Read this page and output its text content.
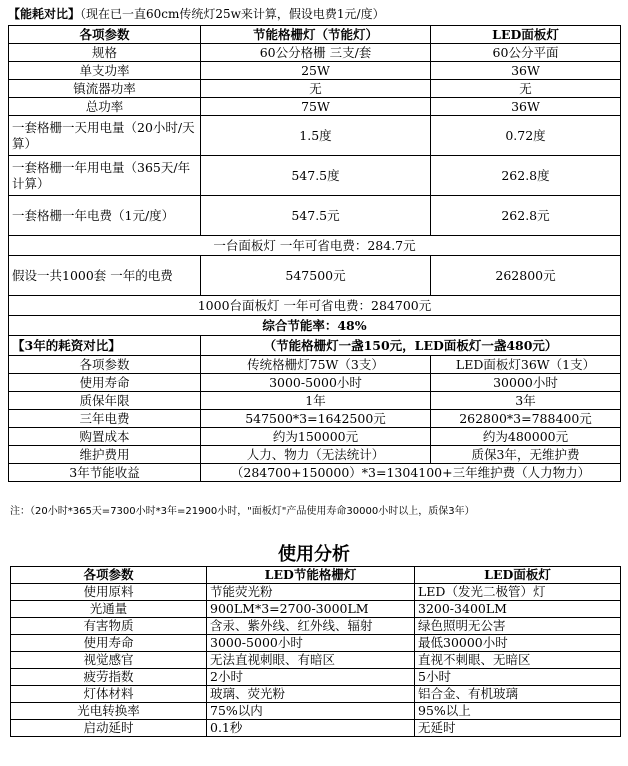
【能耗对比】（现在已一直60cm传统灯25w来计算，假设电费1元/度）
各项参数	节能格栅灯（节能灯）	LED面板灯
规格	60公分格栅 三支/套	60公分平面
单支功率	25W	36W
镇流器功率	无	无
总功率	75W	36W
一套格栅一天用电量（20小时/天算）	1.5度	0.72度
一套格栅一年用电量（365天/年计算）	547.5度	262.8度
一套格栅一年电费（1元/度）	547.5元	262.8元
一台面板灯 一年可省电费：284.7元		
假设一共1000套 一年的电费	547500元	262800元
1000台面板灯 一年可省电费：284700元		
综合节能率：48%		
【3年的耗资对比】	（节能格栅灯一盏150元，LED面板灯一盏480元）	
各项参数	传统格栅灯75W（3支）	LED面板灯36W（1支）
使用寿命	3000-5000小时	30000小时
质保年限	1年	3年
三年电费	547500*3=1642500元	262800*3=788400元
购置成本	约为150000元	约为480000元
维护费用	人力、物力（无法统计）	质保3年，无维护费
3年节能收益	（284700+150000）*3=1304100+三年维护费（人力物力）	
注：（20小时*365天=7300小时*3年=21900小时，"面板灯"产品使用寿命30000小时以上，质保3年）
使用分析
各项参数	LED节能格栅灯	LED面板灯
使用原料	节能荧光粉	LED（发光二极管）灯
光通量	900LM*3=2700-3000LM	3200-3400LM
有害物质	含汞、紫外线、红外线、辐射	绿色照明无公害
使用寿命	3000-5000小时	最低30000小时
视觉感官	无法直视刺眼、有暗区	直视不刺眼、无暗区
疲劳指数	2小时	5小时
灯体材料	玻璃、荧光粉	铝合金、有机玻璃
光电转换率	75%以内	95%以上
启动延时	0.1秒	无延时
